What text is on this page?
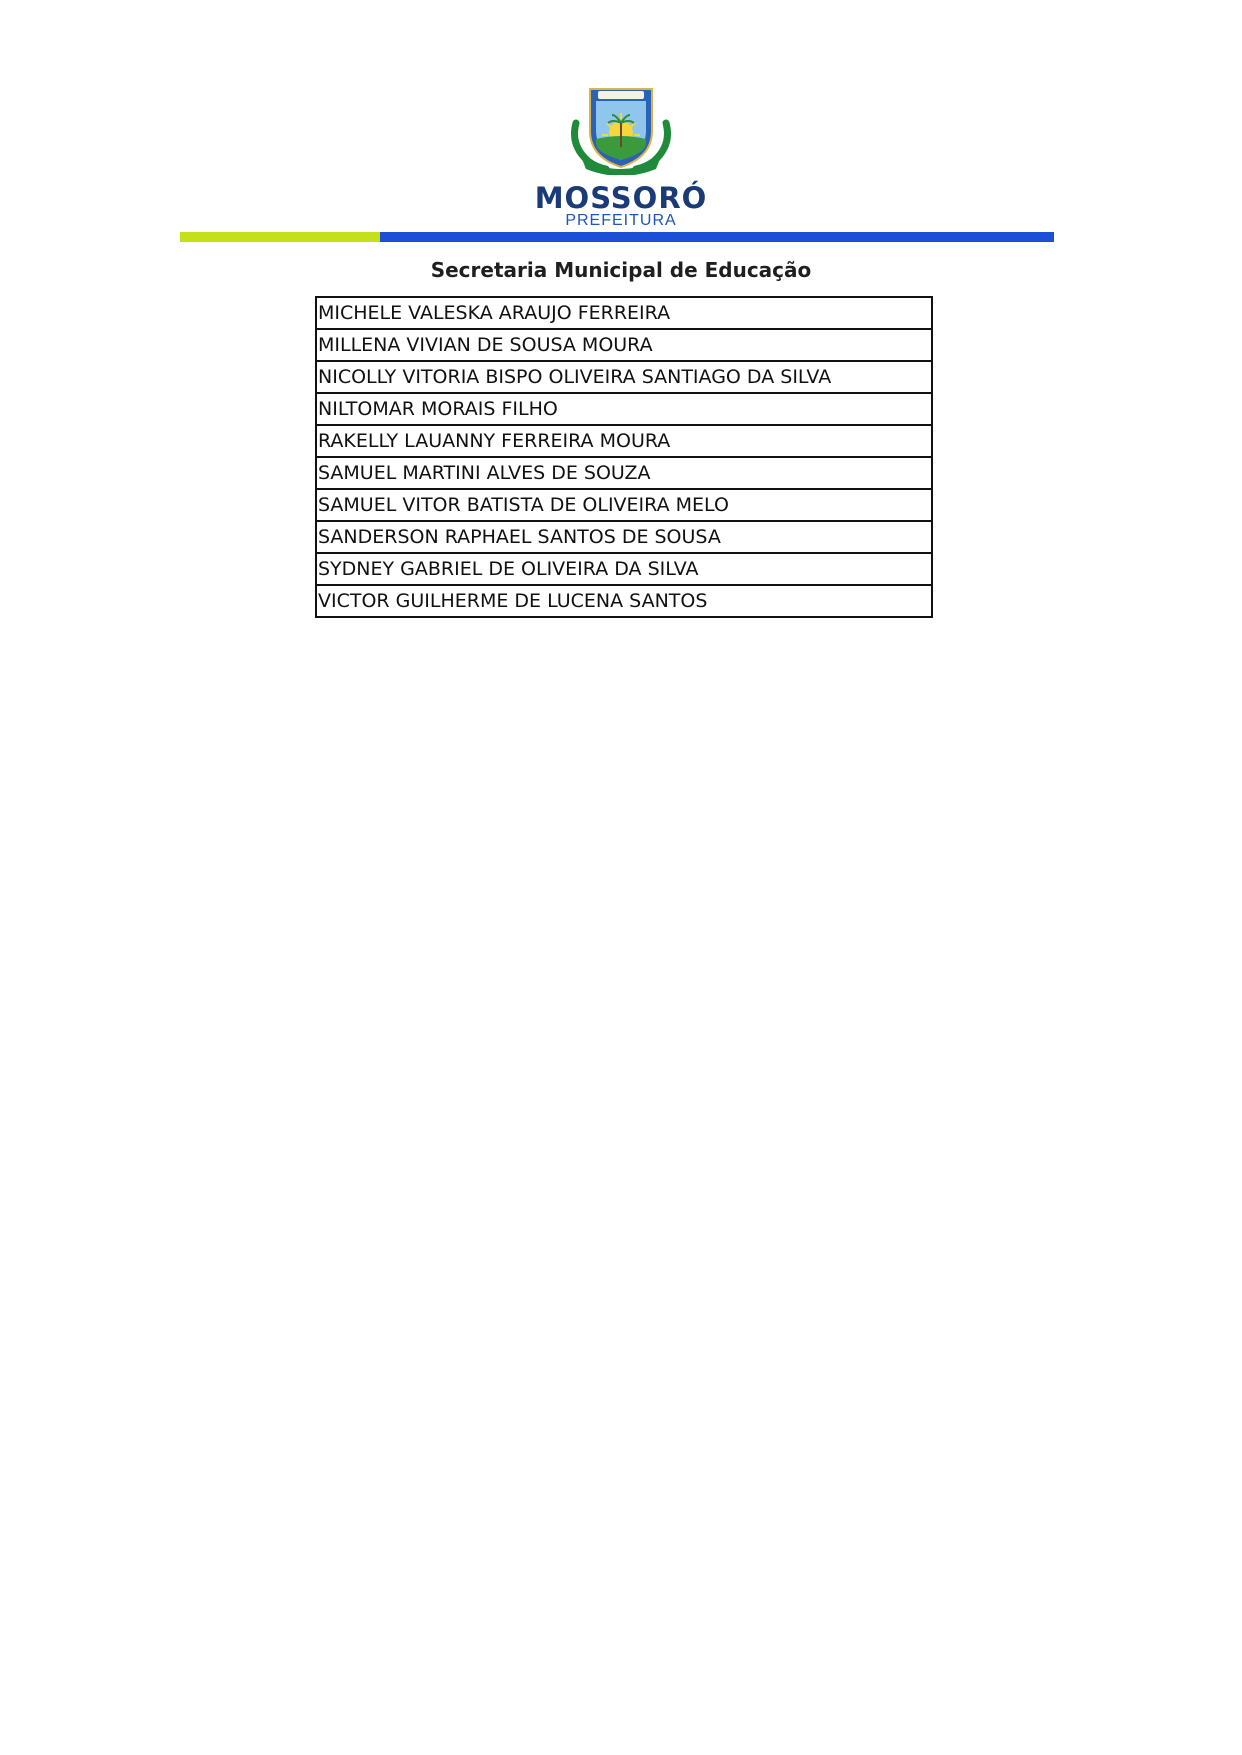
MOSSORÓ
PREFEITURA
Secretaria Municipal de Educação
MICHELE VALESKA ARAUJO FERREIRA
MILLENA VIVIAN DE SOUSA MOURA
NICOLLY VITORIA BISPO OLIVEIRA SANTIAGO DA SILVA
NILTOMAR MORAIS FILHO
RAKELLY LAUANNY FERREIRA MOURA
SAMUEL MARTINI ALVES DE SOUZA
SAMUEL VITOR BATISTA DE OLIVEIRA MELO
SANDERSON RAPHAEL SANTOS DE SOUSA
SYDNEY GABRIEL DE OLIVEIRA DA SILVA
VICTOR GUILHERME DE LUCENA SANTOS
